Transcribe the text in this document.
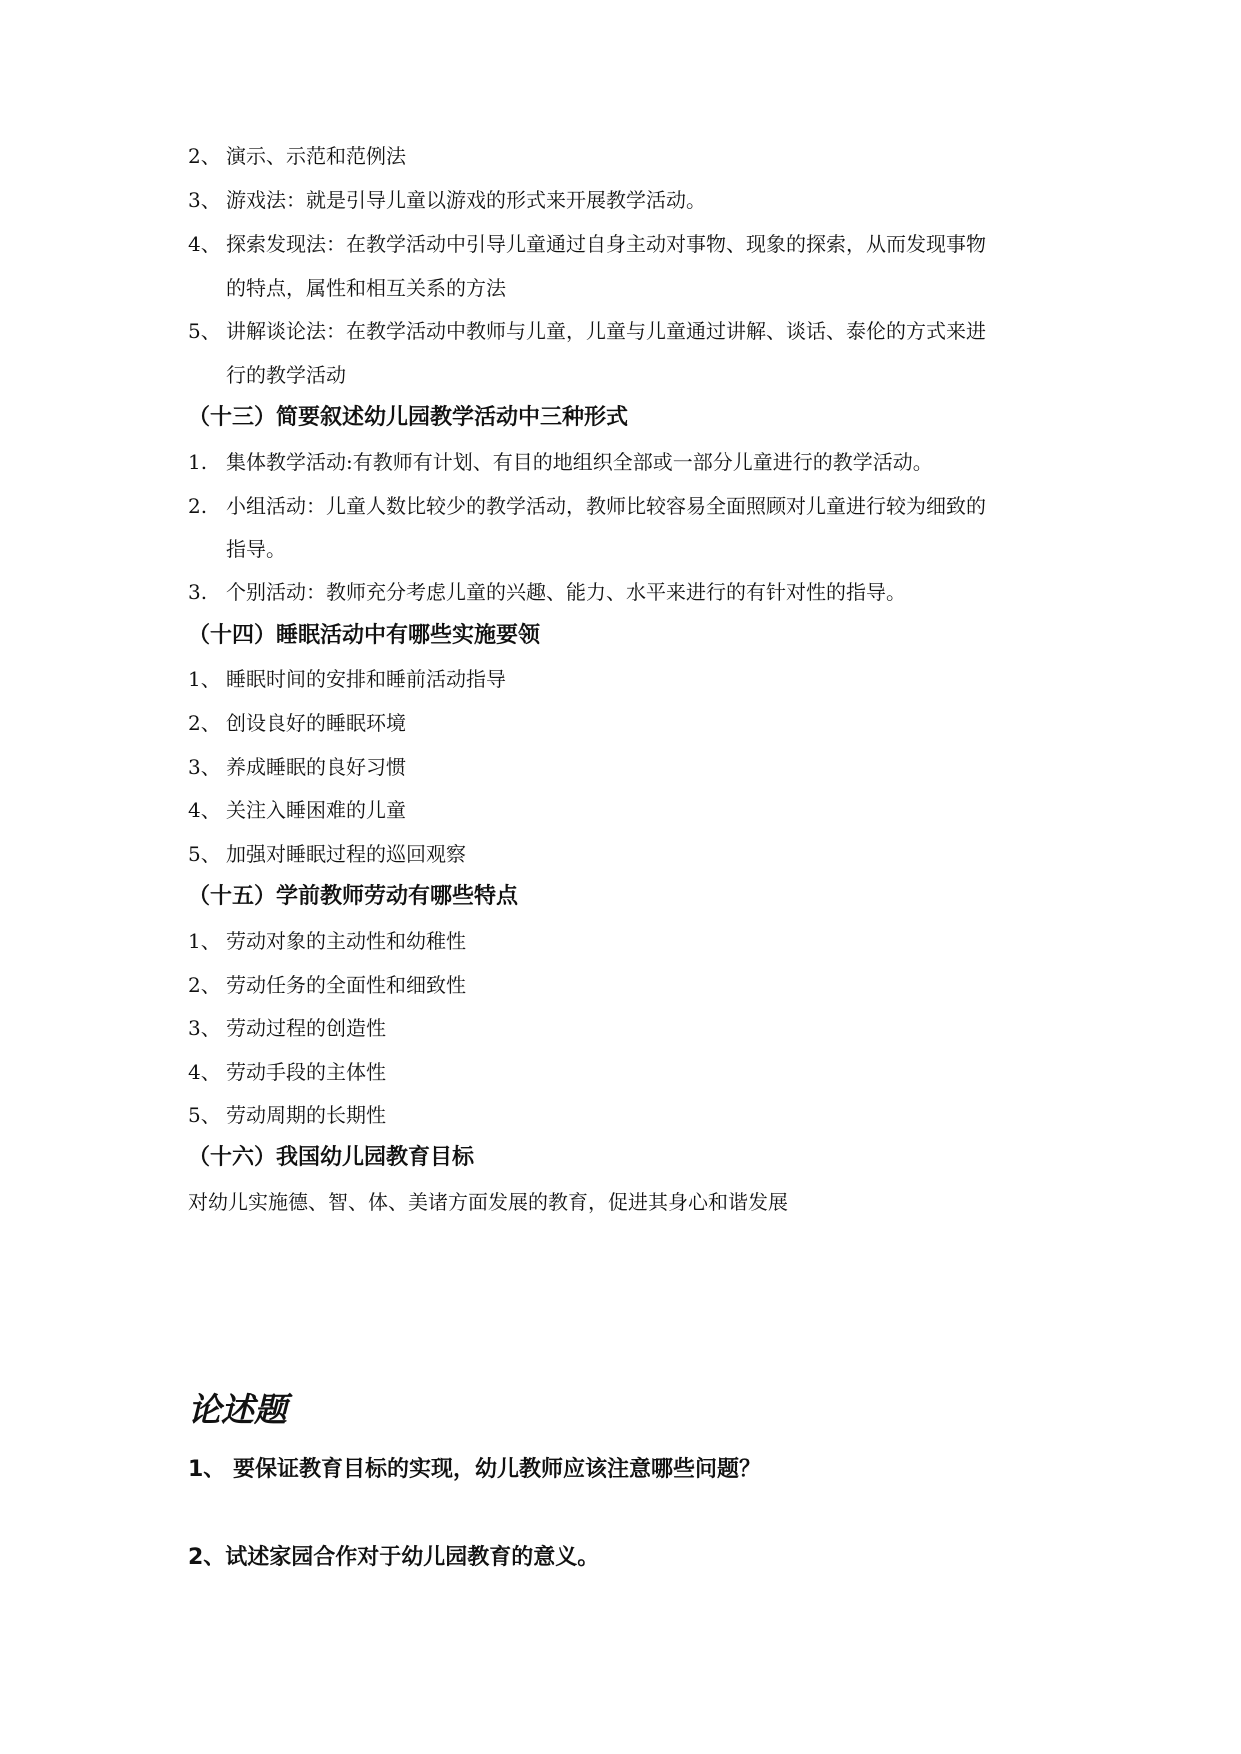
2、 演示、示范和范例法
3、 游戏法：就是引导儿童以游戏的形式来开展教学活动。
4、 探索发现法：在教学活动中引导儿童通过自身主动对事物、现象的探索，从而发现事物
的特点，属性和相互关系的方法
5、 讲解谈论法：在教学活动中教师与儿童，儿童与儿童通过讲解、谈话、泰伦的方式来进
行的教学活动
（十三）简要叙述幼儿园教学活动中三种形式
1. 集体教学活动:有教师有计划、有目的地组织全部或一部分儿童进行的教学活动。
2. 小组活动：儿童人数比较少的教学活动，教师比较容易全面照顾对儿童进行较为细致的
指导。
3. 个别活动：教师充分考虑儿童的兴趣、能力、水平来进行的有针对性的指导。
（十四）睡眠活动中有哪些实施要领
1、 睡眠时间的安排和睡前活动指导
2、 创设良好的睡眠环境
3、 养成睡眠的良好习惯
4、 关注入睡困难的儿童
5、 加强对睡眠过程的巡回观察
（十五）学前教师劳动有哪些特点
1、 劳动对象的主动性和幼稚性
2、 劳动任务的全面性和细致性
3、 劳动过程的创造性
4、 劳动手段的主体性
5、 劳动周期的长期性
（十六）我国幼儿园教育目标
对幼儿实施德、智、体、美诸方面发展的教育，促进其身心和谐发展
论述题
1、 要保证教育目标的实现，幼儿教师应该注意哪些问题？
2、试述家园合作对于幼儿园教育的意义。
